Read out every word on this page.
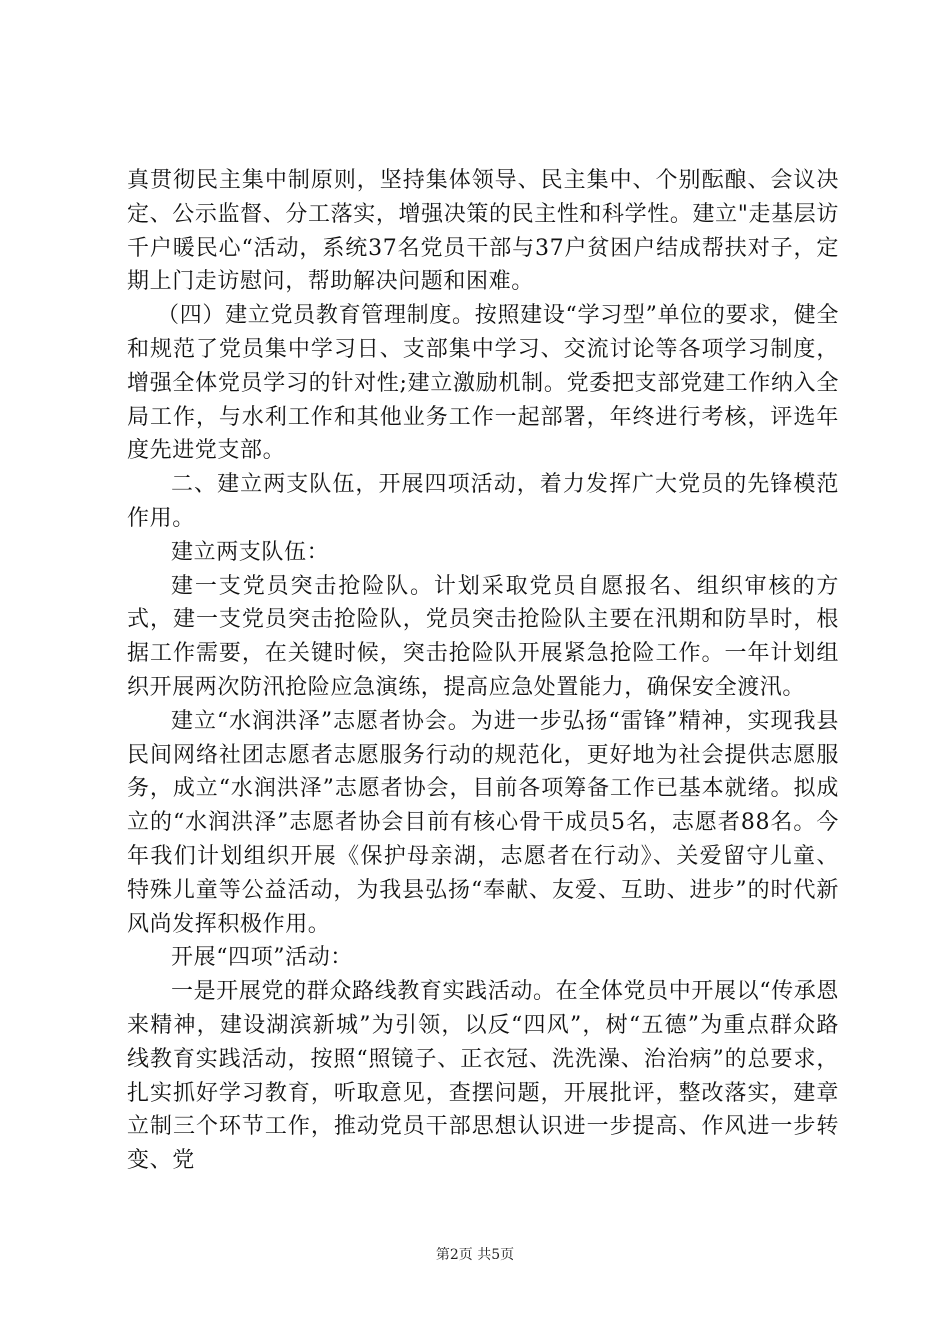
真贯彻民主集中制原则，坚持集体领导、民主集中、个别酝酿、会议决定、公示监督、分工落实，增强决策的民主性和科学性。建立"走基层访千户暖民心“活动，系统37名党员干部与37户贫困户结成帮扶对子，定期上门走访慰问，帮助解决问题和困难。

（四）建立党员教育管理制度。按照建设“学习型”单位的要求，健全和规范了党员集中学习日、支部集中学习、交流讨论等各项学习制度，增强全体党员学习的针对性;建立激励机制。党委把支部党建工作纳入全局工作，与水利工作和其他业务工作一起部署，年终进行考核，评选年度先进党支部。

二、建立两支队伍，开展四项活动，着力发挥广大党员的先锋模范作用。

建立两支队伍：

建一支党员突击抢险队。计划采取党员自愿报名、组织审核的方式，建一支党员突击抢险队，党员突击抢险队主要在汛期和防旱时，根据工作需要，在关键时候，突击抢险队开展紧急抢险工作。一年计划组织开展两次防汛抢险应急演练，提高应急处置能力，确保安全渡汛。

建立“水润洪泽”志愿者协会。为进一步弘扬“雷锋”精神，实现我县民间网络社团志愿者志愿服务行动的规范化，更好地为社会提供志愿服务，成立“水润洪泽”志愿者协会，目前各项筹备工作已基本就绪。拟成立的“水润洪泽”志愿者协会目前有核心骨干成员5名，志愿者88名。今年我们计划组织开展《保护母亲湖，志愿者在行动》、关爱留守儿童、特殊儿童等公益活动，为我县弘扬“奉献、友爱、互助、进步”的时代新风尚发挥积极作用。

开展“四项”活动：

一是开展党的群众路线教育实践活动。在全体党员中开展以“传承恩来精神，建设湖滨新城”为引领，以反“四风”，树“五德”为重点群众路线教育实践活动，按照“照镜子、正衣冠、洗洗澡、治治病”的总要求，扎实抓好学习教育，听取意见，查摆问题，开展批评，整改落实，建章立制三个环节工作，推动党员干部思想认识进一步提高、作风进一步转变、党

第2页 共5页
